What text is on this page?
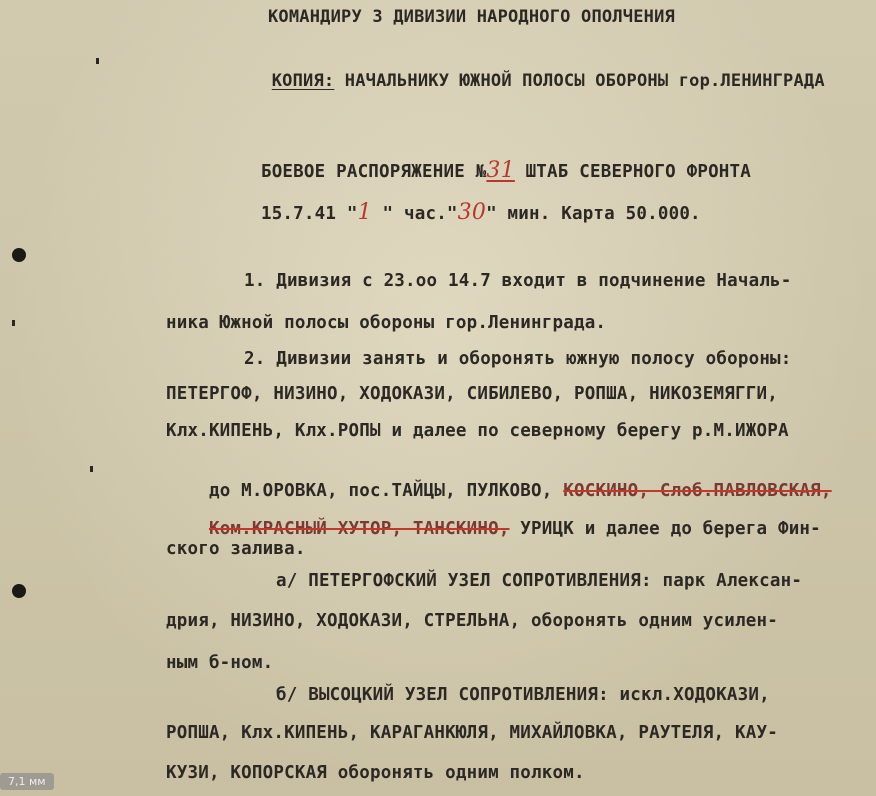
КОМАНДИРУ 3 ДИВИЗИИ НАРОДНОГО ОПОЛЧЕНИЯ

КОПИЯ: НАЧАЛЬНИКУ ЮЖНОЙ ПОЛОСЫ ОБОРОНЫ гор.ЛЕНИНГРАДА

БОЕВОЕ РАСПОРЯЖЕНИЕ №31 ШТАБ СЕВЕРНОГО ФРОНТА

15.7.41 "1 " час."30" мин. Карта 50.000.

1. Дивизия с 23.оо 14.7 входит в подчинение Началь-
ника Южной полосы обороны гор.Ленинграда.
2. Дивизии занять и оборонять южную полосу обороны:
ПЕТЕРГОФ, НИЗИНО, ХОДОКАЗИ, СИБИЛЕВО, РОПША, НИКОЗЕМЯГГИ,
Клх.КИПЕНЬ, Клх.РОПЫ и далее по северному берегу р.М.ИЖОРА

до М.ОРОВКА, пос.ТАЙЦЫ, ПУЛКОВО, КОСКИНО, Слоб.ПАВЛОВСКАЯ,

Ком.КРАСНЫЙ ХУТОР, ТАНСКИНО, УРИЦК и далее до берега Фин-

ского залива.
а/ ПЕТЕРГОФСКИЙ УЗЕЛ СОПРОТИВЛЕНИЯ: парк Алексан-
дрия, НИЗИНО, ХОДОКАЗИ, СТРЕЛЬНА, оборонять одним усилен-
ным б-ном.
б/ ВЫСОЦКИЙ УЗЕЛ СОПРОТИВЛЕНИЯ: искл.ХОДОКАЗИ,
РОПША, Клх.КИПЕНЬ, КАРАГАНКЮЛЯ, МИХАЙЛОВКА, РАУТЕЛЯ, КАУ-
КУЗИ, КОПОРСКАЯ оборонять одним полком.
7,1 мм
